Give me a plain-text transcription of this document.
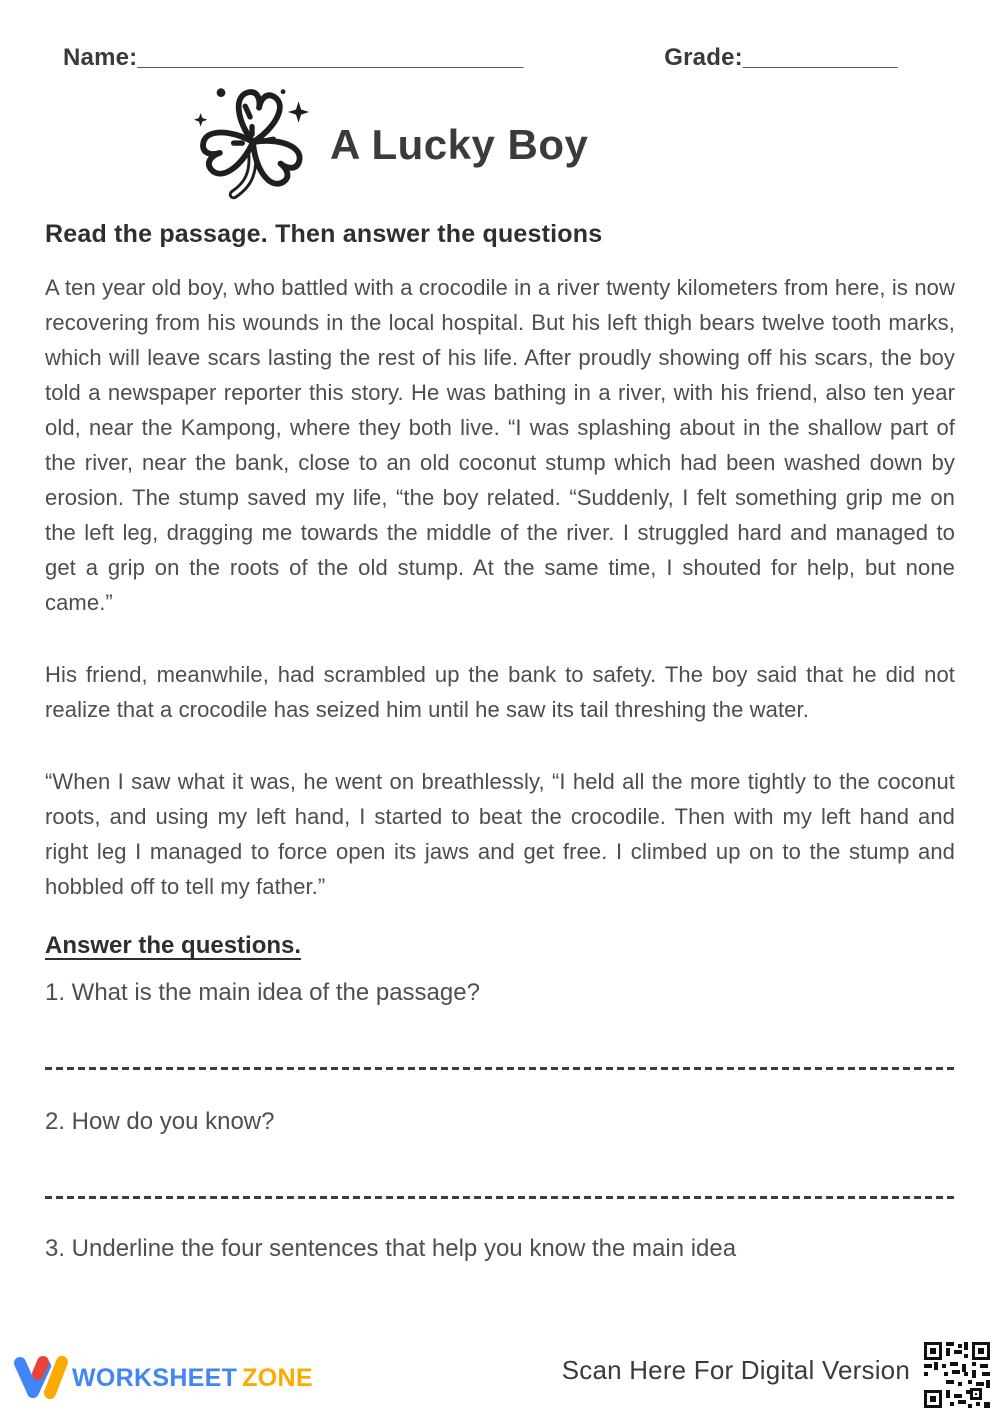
Name:______________________________	Grade:____________
A Lucky Boy
Read the passage. Then answer the questions

A ten year old boy, who battled with a crocodile in a river twenty kilometers from here, is now recovering from his wounds in the local hospital. But his left thigh bears twelve tooth marks, which will leave scars lasting the rest of his life. After proudly showing off his scars, the boy told a newspaper reporter this story. He was bathing in a river, with his friend, also ten year old, near the Kampong, where they both live. “I was splashing about in the shallow part of the river, near the bank, close to an old coconut stump which had been washed down by erosion. The stump saved my life, “the boy related. “Suddenly, I felt something grip me on the left leg, dragging me towards the middle of the river. I struggled hard and managed to get a grip on the roots of the old stump. At the same time, I shouted for help, but none came.”

His friend, meanwhile, had scrambled up the bank to safety. The boy said that he did not realize that a crocodile has seized him until he saw its tail threshing the water.

“When I saw what it was, he went on breathlessly, “I held all the more tightly to the coconut roots, and using my left hand, I started to beat the crocodile. Then with my left hand and right leg I managed to force open its jaws and get free. I climbed up on to the stump and hobbled off to tell my father.”

Answer the questions.
1. What is the main idea of the passage?
2. How do you know?
3. Underline the four sentences that help you know the main idea
WORKSHEET ZONE	Scan Here For Digital Version
